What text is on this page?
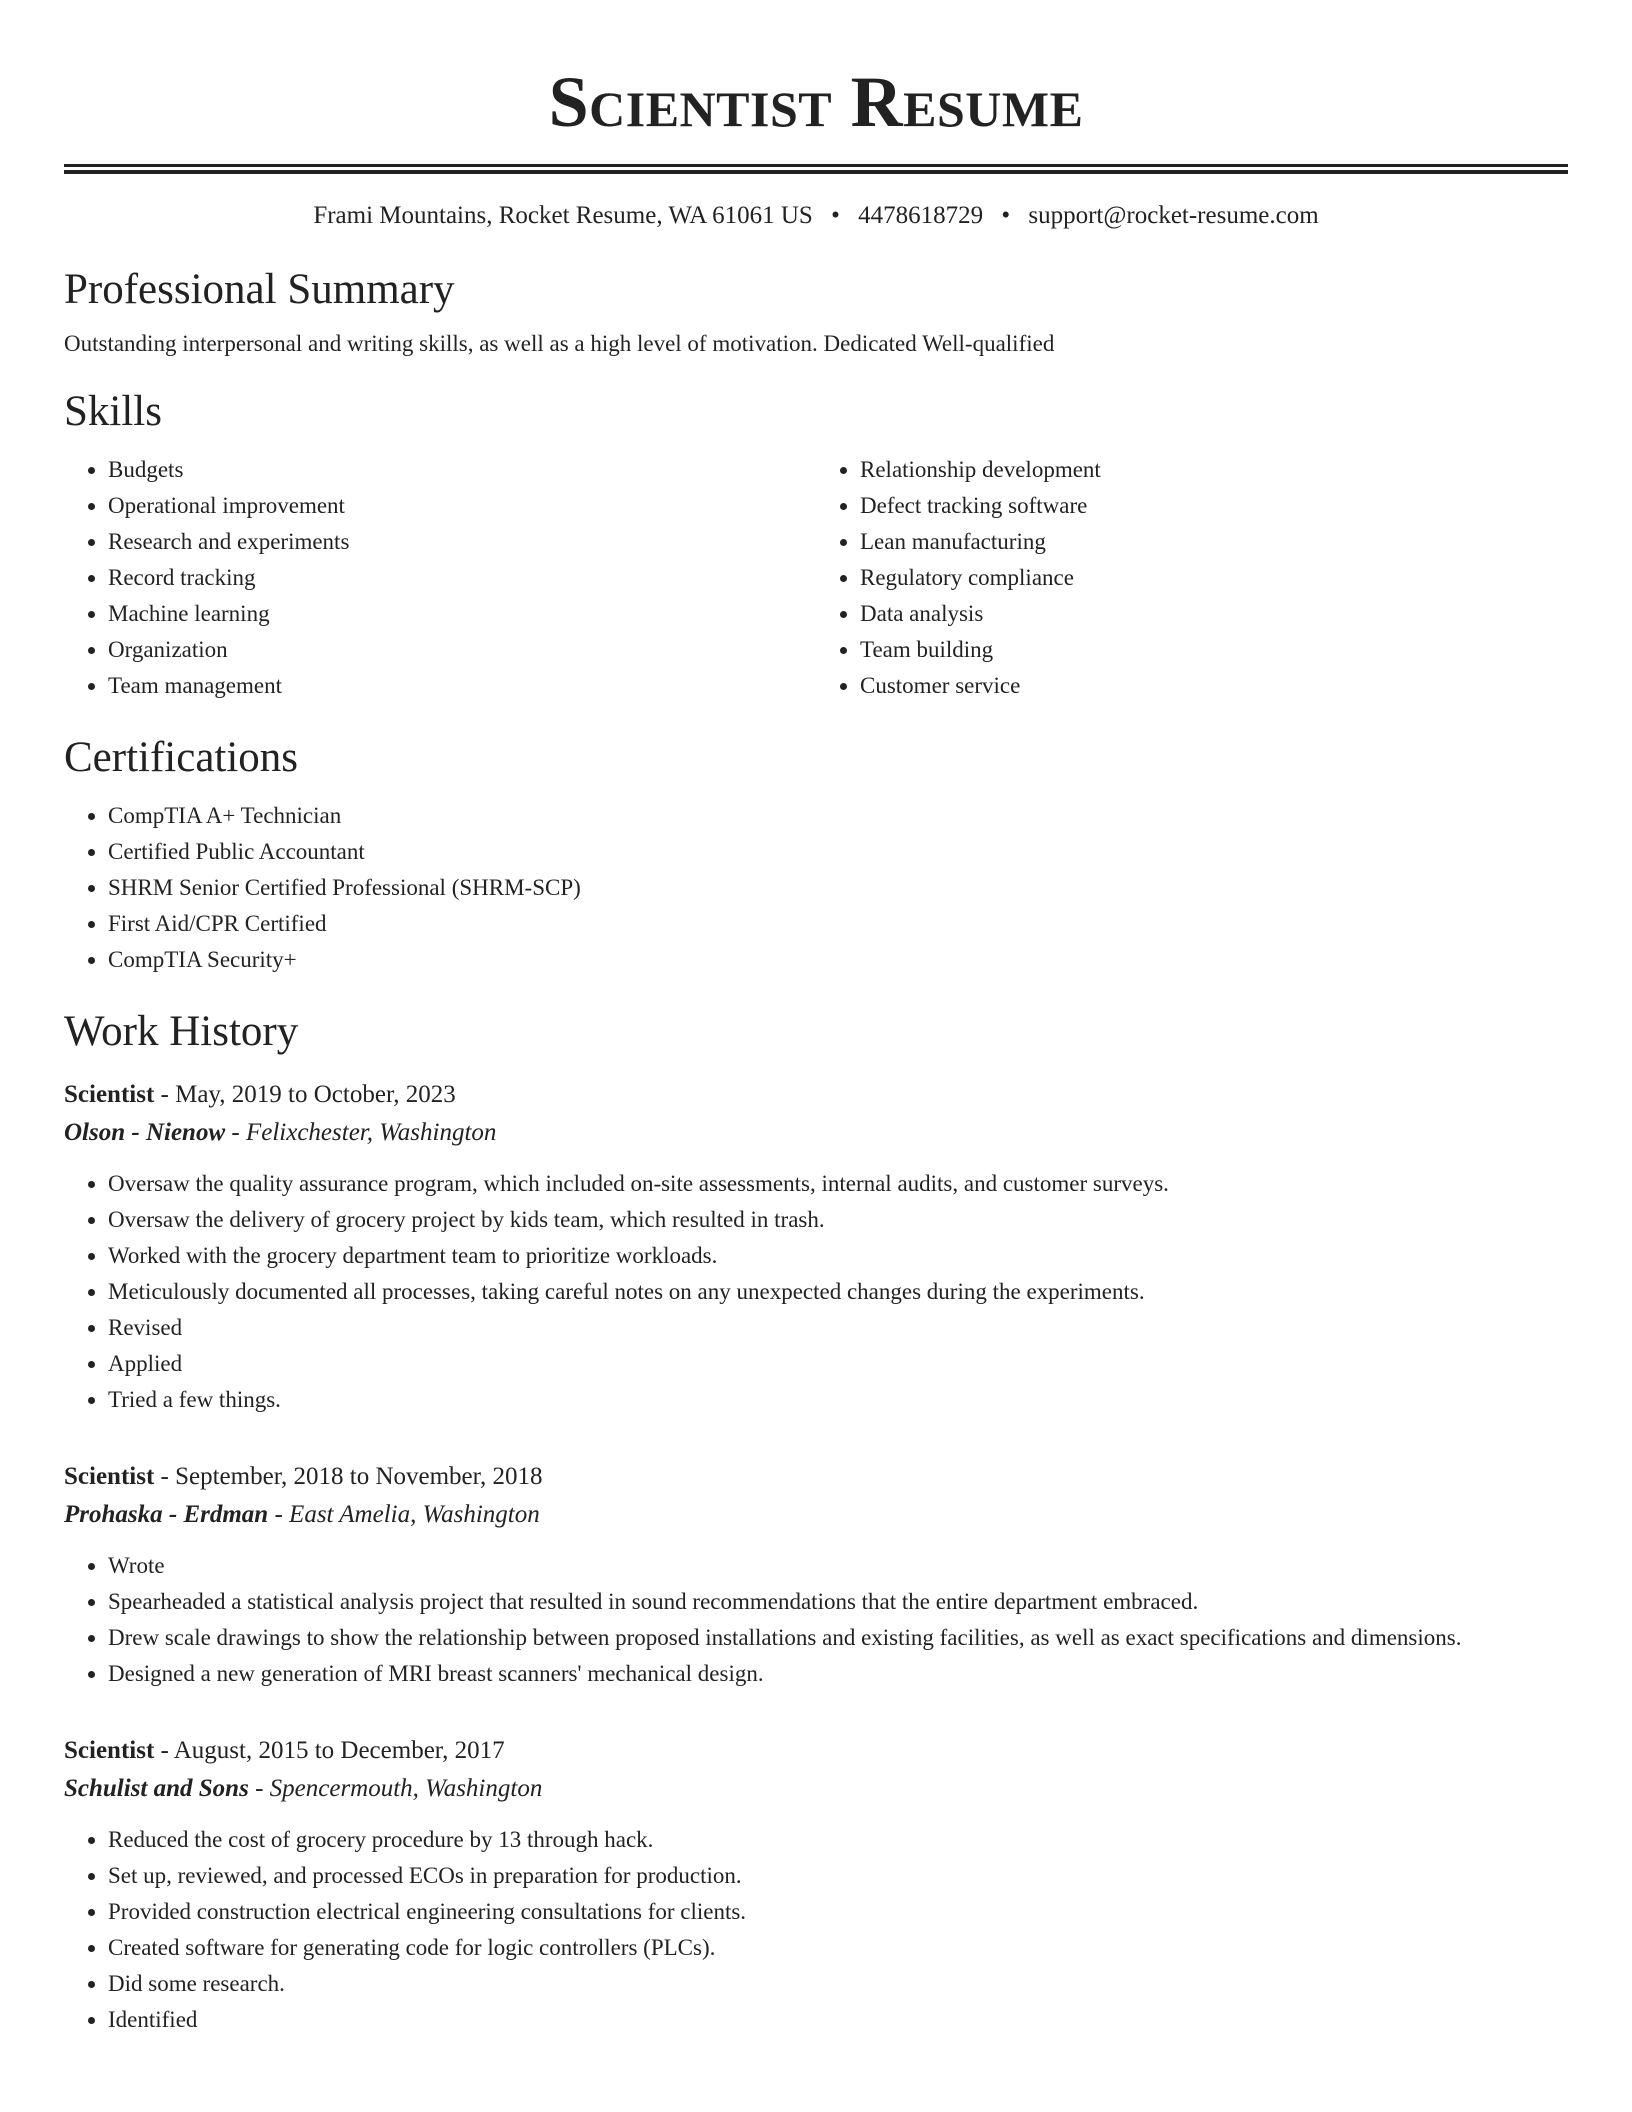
Scientist Resume
Frami Mountains, Rocket Resume, WA 61061 US • 4478618729 • support@rocket-resume.com
Professional Summary

Outstanding interpersonal and writing skills, as well as a high level of motivation. Dedicated Well-qualified

Skills
• Budgets
• Operational improvement
• Research and experiments
• Record tracking
• Machine learning
• Organization
• Team management
• Relationship development
• Defect tracking software
• Lean manufacturing
• Regulatory compliance
• Data analysis
• Team building
• Customer service
Certifications
• CompTIA A+ Technician
• Certified Public Accountant
• SHRM Senior Certified Professional (SHRM-SCP)
• First Aid/CPR Certified
• CompTIA Security+
Work History
Scientist - May, 2019 to October, 2023
Olson - Nienow - Felixchester, Washington
• Oversaw the quality assurance program, which included on-site assessments, internal audits, and customer surveys.
• Oversaw the delivery of grocery project by kids team, which resulted in trash.
• Worked with the grocery department team to prioritize workloads.
• Meticulously documented all processes, taking careful notes on any unexpected changes during the experiments.
• Revised
• Applied
• Tried a few things.
Scientist - September, 2018 to November, 2018
Prohaska - Erdman - East Amelia, Washington
• Wrote
• Spearheaded a statistical analysis project that resulted in sound recommendations that the entire department embraced.
• Drew scale drawings to show the relationship between proposed installations and existing facilities, as well as exact specifications and dimensions.
• Designed a new generation of MRI breast scanners' mechanical design.
Scientist - August, 2015 to December, 2017
Schulist and Sons - Spencermouth, Washington
• Reduced the cost of grocery procedure by 13 through hack.
• Set up, reviewed, and processed ECOs in preparation for production.
• Provided construction electrical engineering consultations for clients.
• Created software for generating code for logic controllers (PLCs).
• Did some research.
• Identified
